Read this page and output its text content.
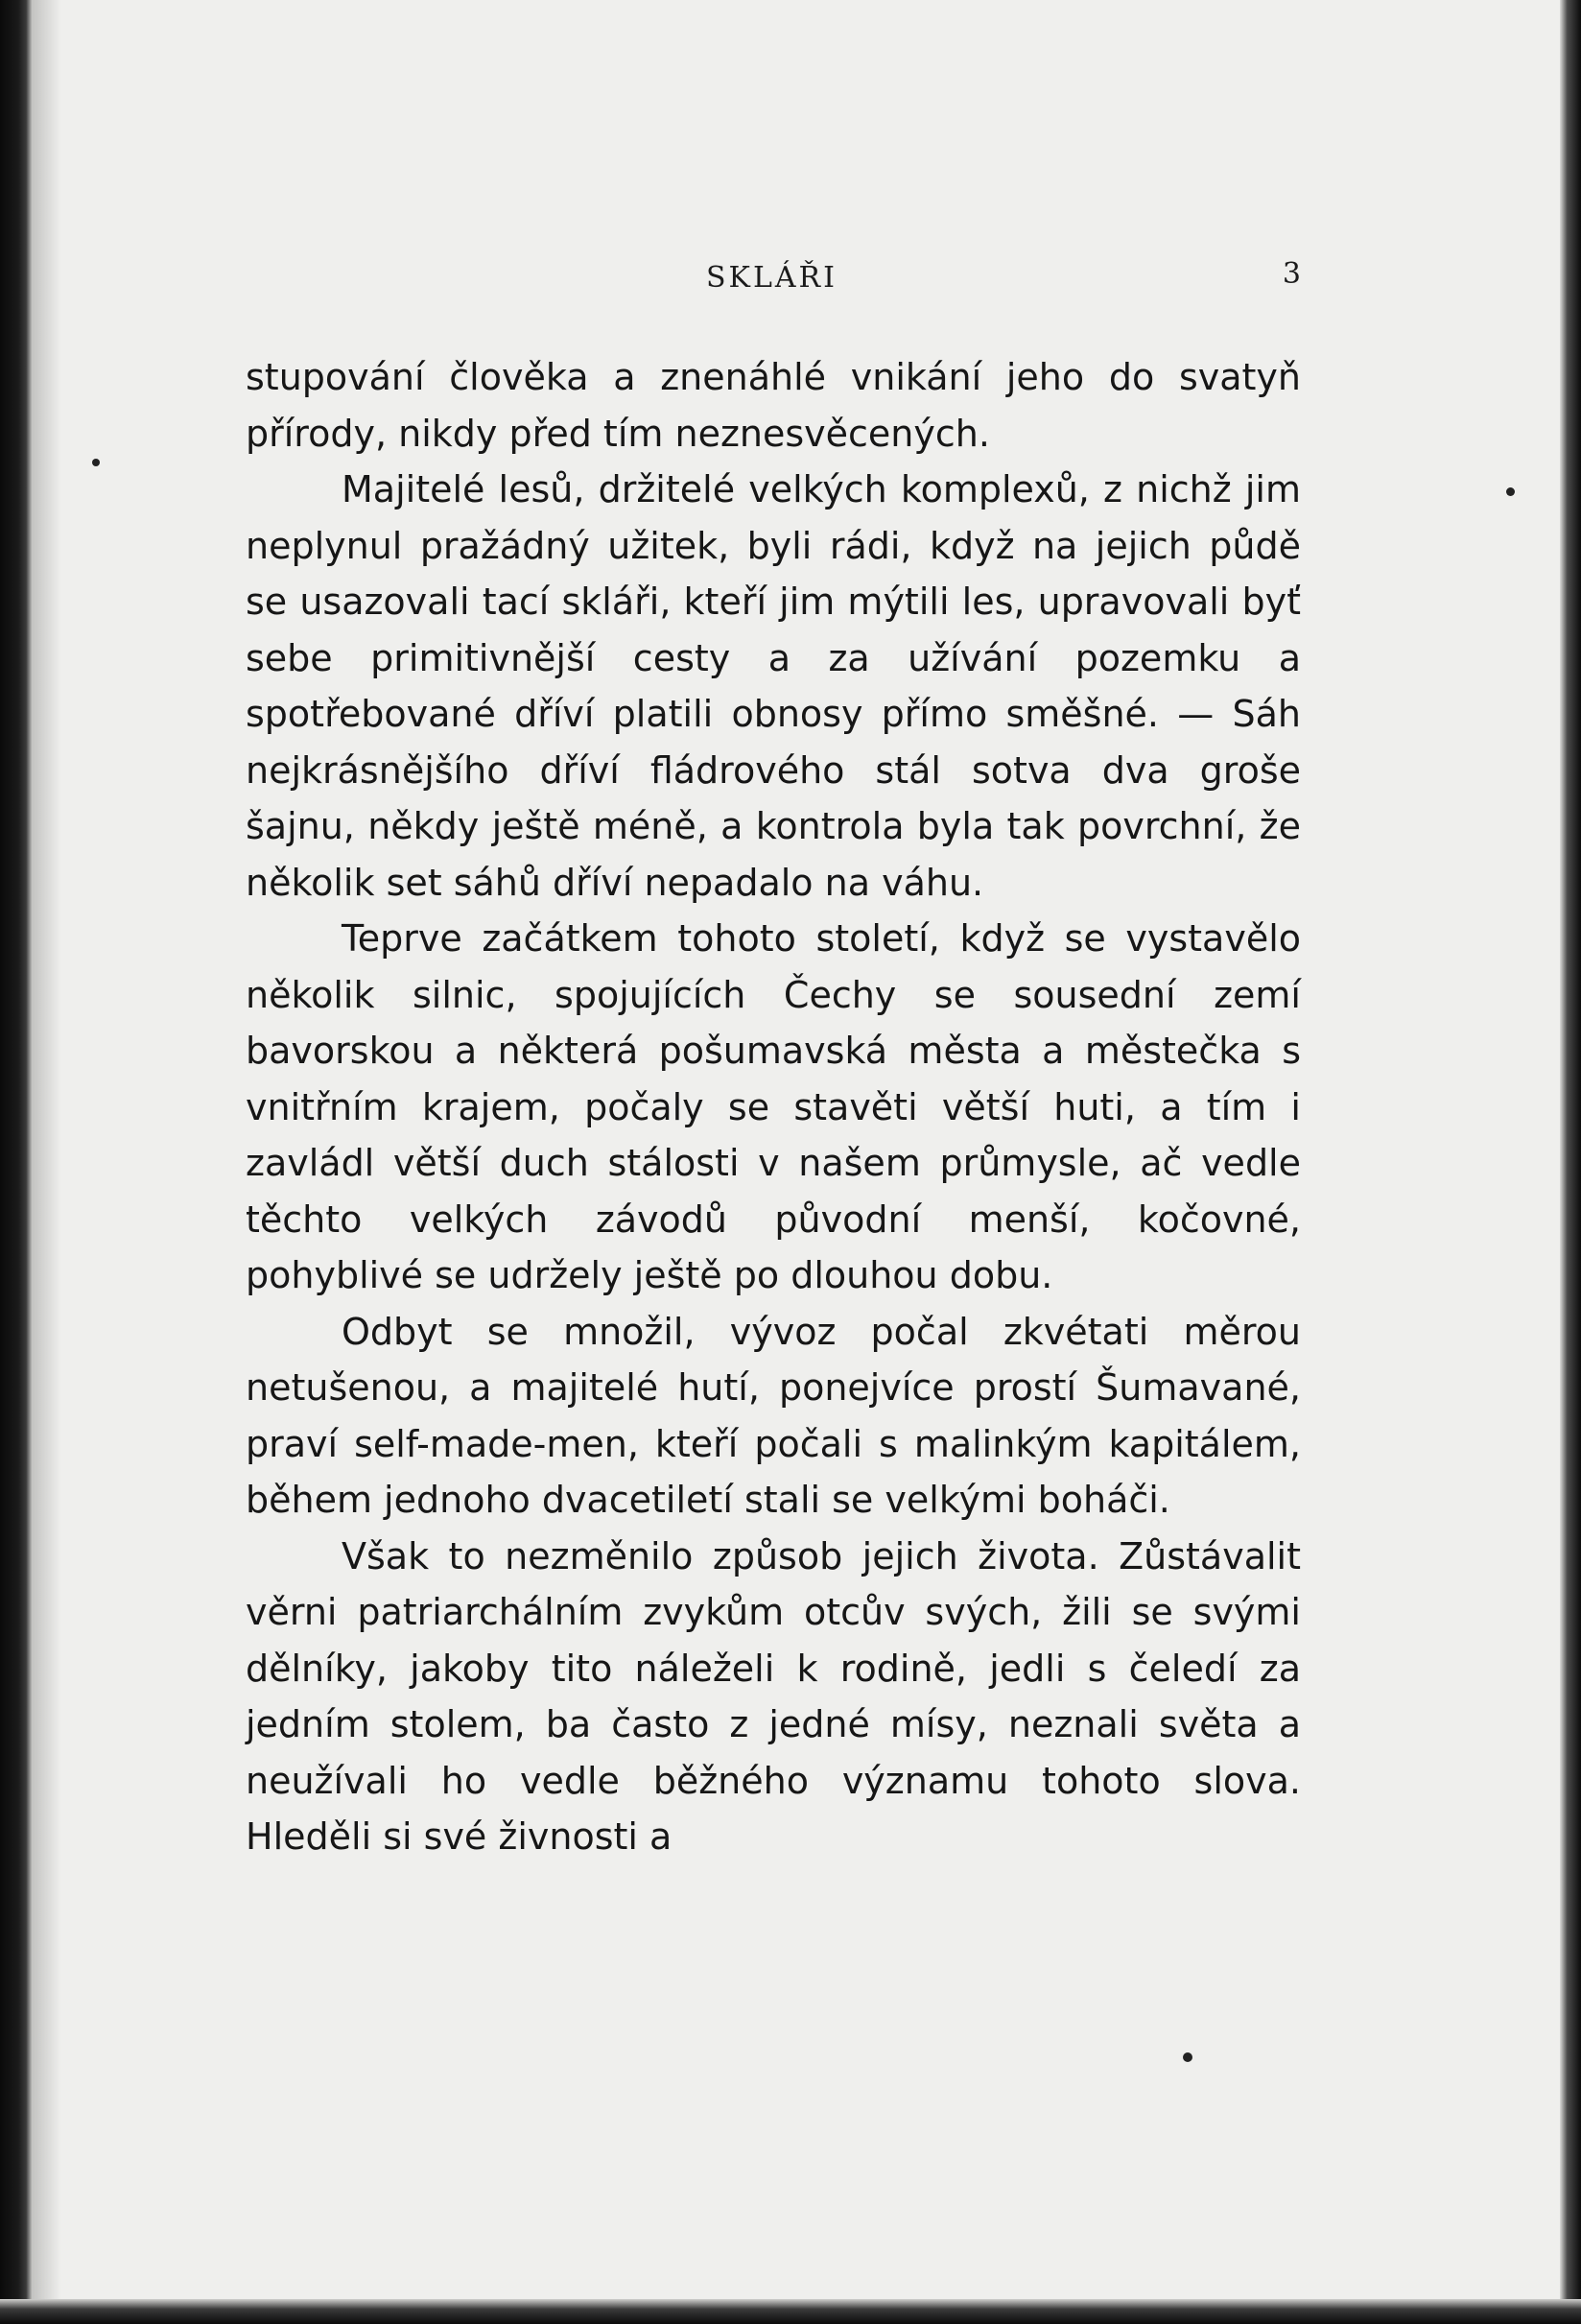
SKLÁŘI	3

stupování člověka a znenáhlé vnikání jeho do svatyň přírody, nikdy před tím neznesvěcených.

Majitelé lesů, držitelé velkých komplexů, z nichž jim neplynul pražádný užitek, byli rádi, když na jejich půdě se usazovali tací skláři, kteří jim mýtili les, upravovali byť sebe primitivnější cesty a za užívání pozemku a spotřebované dříví platili obnosy přímo směšné. — Sáh nejkrásnějšího dříví fládrového stál sotva dva groše šajnu, někdy ještě méně, a kontrola byla tak povrchní, že několik set sáhů dříví nepadalo na váhu.

Teprve začátkem tohoto století, když se vystavělo několik silnic, spojujících Čechy se sousední zemí bavorskou a některá pošumavská města a městečka s vnitřním krajem, počaly se stavěti větší huti, a tím i zavládl větší duch stálosti v našem průmysle, ač vedle těchto velkých závodů původní menší, kočovné, pohyblivé se udržely ještě po dlouhou dobu.

Odbyt se množil, vývoz počal zkvétati měrou netušenou, a majitelé hutí, ponejvíce prostí Šumavané, praví self-made-men, kteří počali s malinkým kapitálem, během jednoho dvacetiletí stali se velkými boháči.

Však to nezměnilo způsob jejich života. Zůstávalit věrni patriarchálním zvykům otcův svých, žili se svými dělníky, jakoby tito náleželi k rodině, jedli s čeledí za jedním stolem, ba často z jedné mísy, neznali světa a neužívali ho vedle běžného významu tohoto slova. Hleděli si své živnosti a
